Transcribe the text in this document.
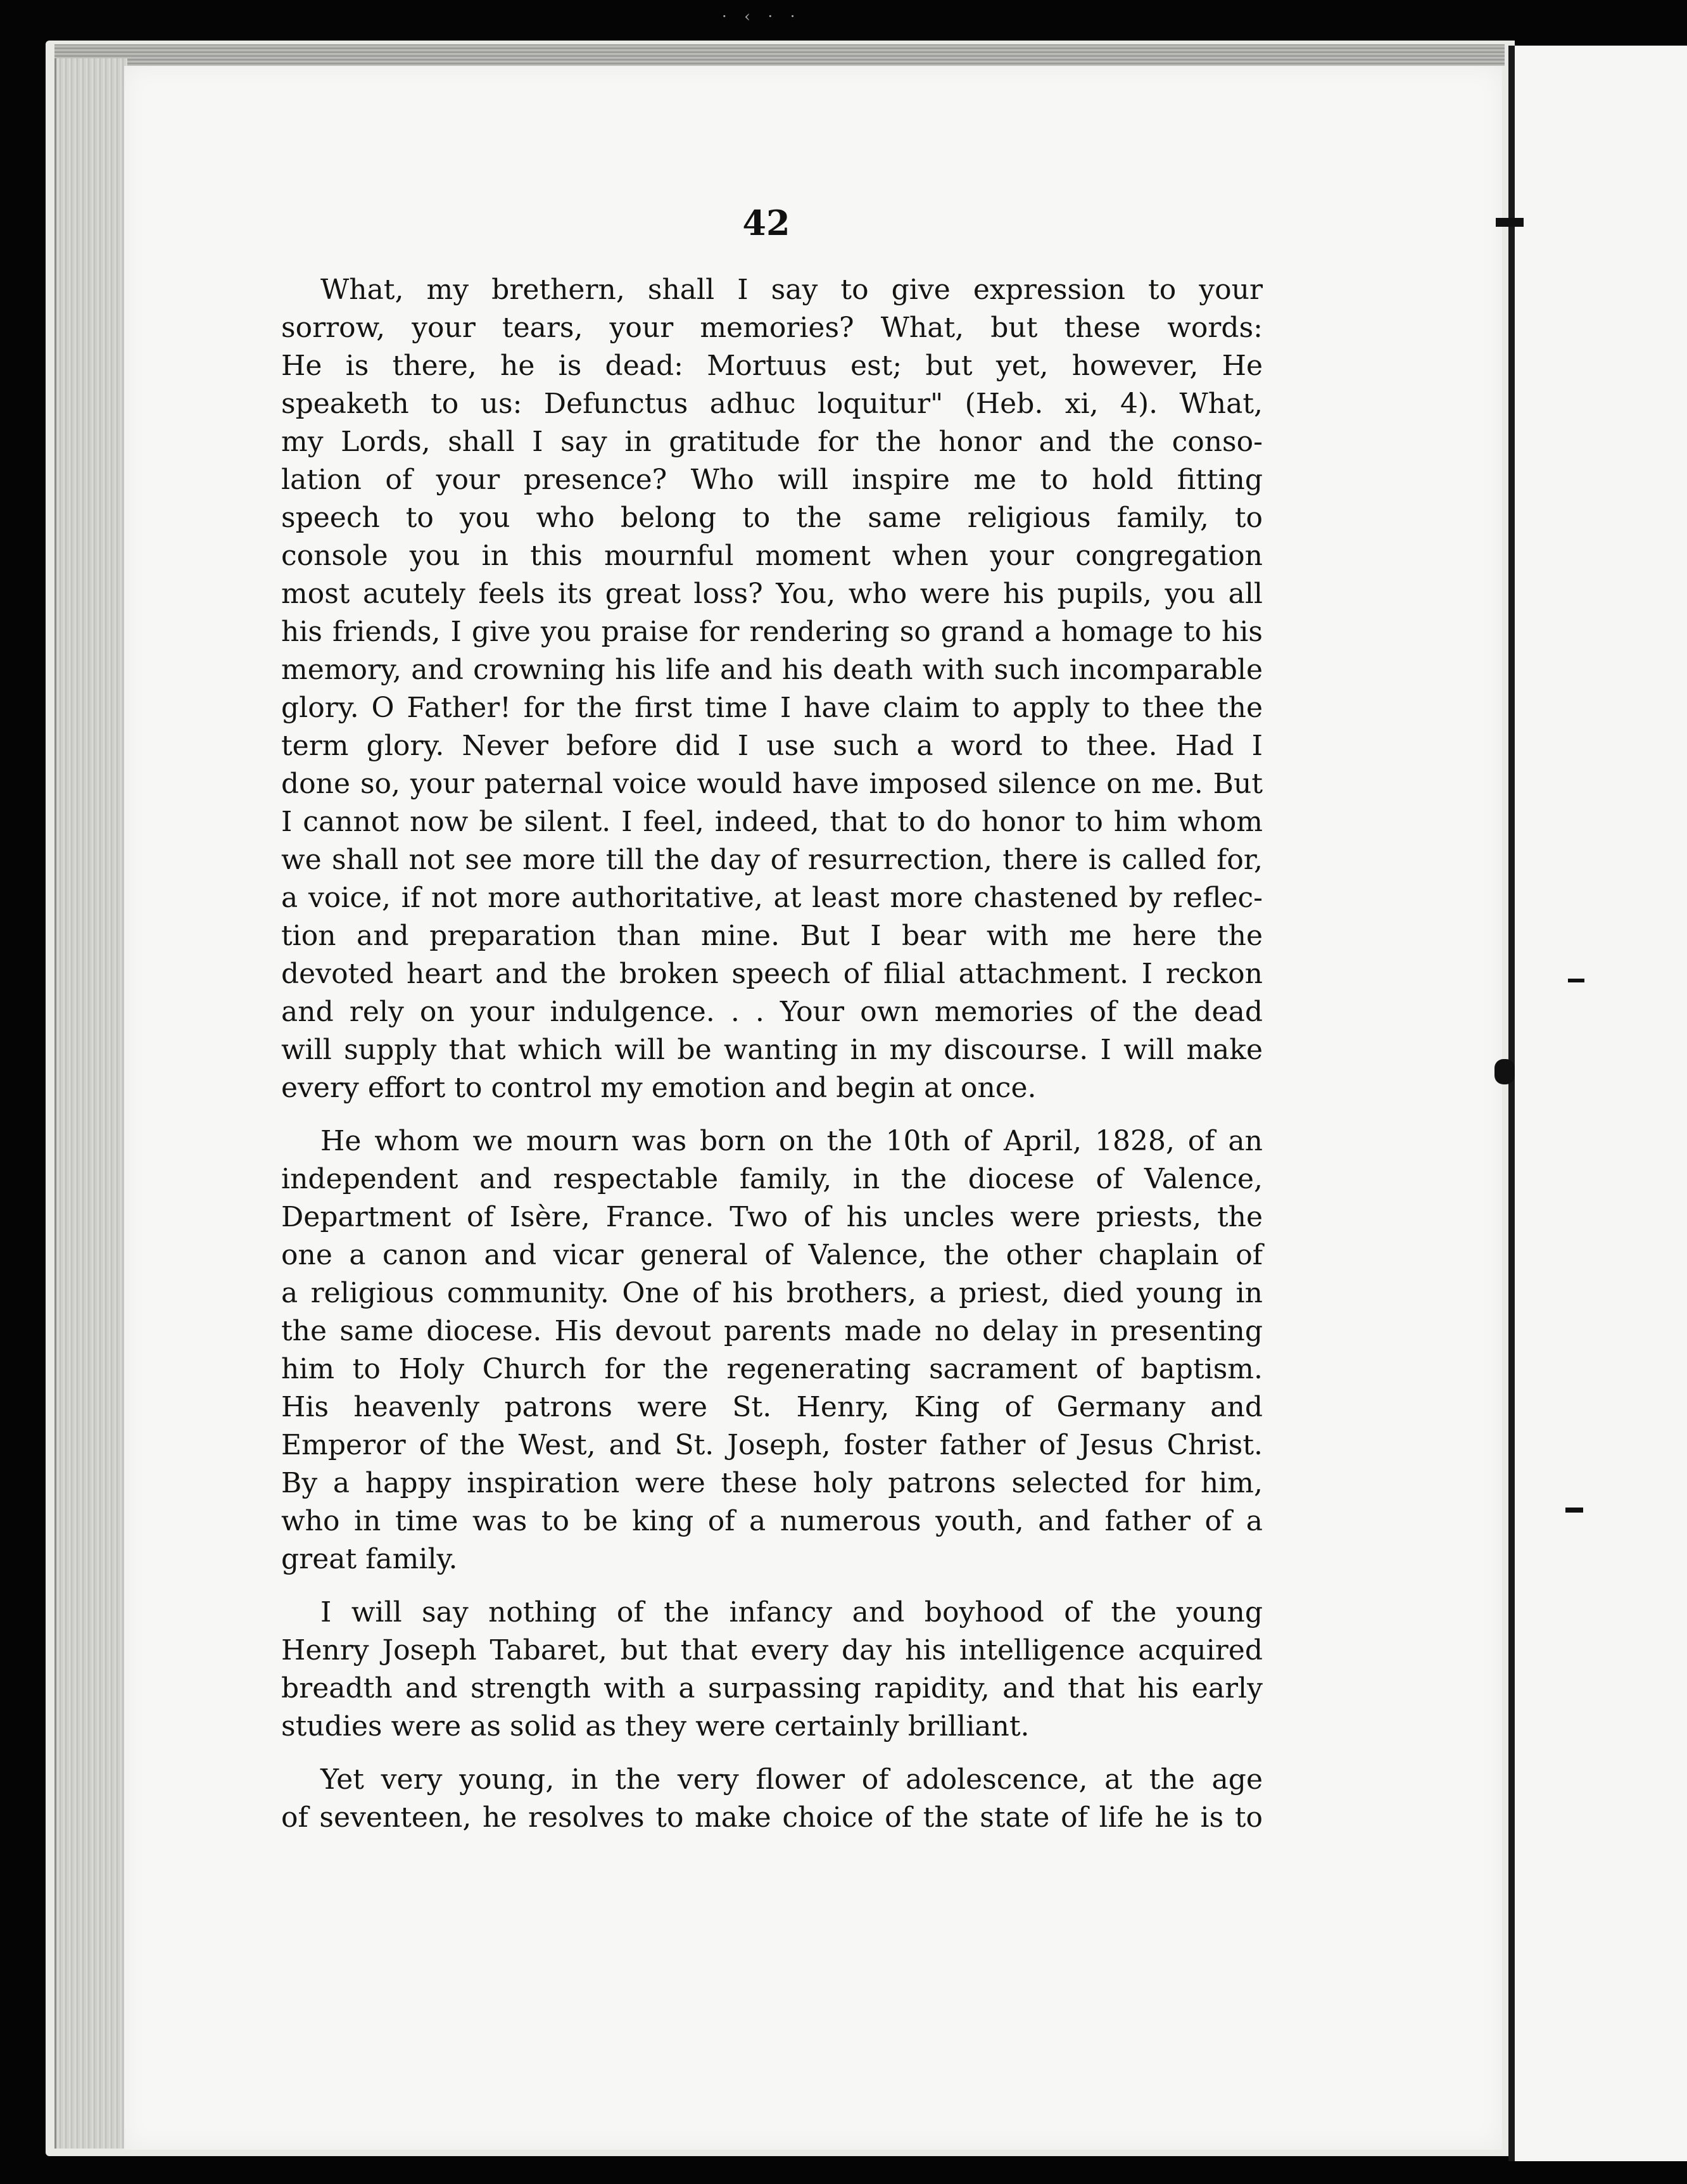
· ‹ · ·
42
What, my brethern, shall I say to give expression to your
sorrow, your tears, your memories? What, but these words:
He is there, he is dead: Mortuus est; but yet, however, He
speaketh to us: Defunctus adhuc loquitur" (Heb. xi, 4). What,
my Lords, shall I say in gratitude for the honor and the conso-
lation of your presence? Who will inspire me to hold fitting
speech to you who belong to the same religious family, to
console you in this mournful moment when your congregation
most acutely feels its great loss? You, who were his pupils, you all
his friends, I give you praise for rendering so grand a homage to his
memory, and crowning his life and his death with such incomparable
glory. O Father! for the first time I have claim to apply to thee the
term glory. Never before did I use such a word to thee. Had I
done so, your paternal voice would have imposed silence on me. But
I cannot now be silent. I feel, indeed, that to do honor to him whom
we shall not see more till the day of resurrection, there is called for,
a voice, if not more authoritative, at least more chastened by reflec-
tion and preparation than mine. But I bear with me here the
devoted heart and the broken speech of filial attachment. I reckon
and rely on your indulgence. . . Your own memories of the dead
will supply that which will be wanting in my discourse. I will make
every effort to control my emotion and begin at once.
He whom we mourn was born on the 10th of April, 1828, of an
independent and respectable family, in the diocese of Valence,
Department of Isère, France. Two of his uncles were priests, the
one a canon and vicar general of Valence, the other chaplain of
a religious community. One of his brothers, a priest, died young in
the same diocese. His devout parents made no delay in presenting
him to Holy Church for the regenerating sacrament of baptism.
His heavenly patrons were St. Henry, King of Germany and
Emperor of the West, and St. Joseph, foster father of Jesus Christ.
By a happy inspiration were these holy patrons selected for him,
who in time was to be king of a numerous youth, and father of a
great family.
I will say nothing of the infancy and boyhood of the young
Henry Joseph Tabaret, but that every day his intelligence acquired
breadth and strength with a surpassing rapidity, and that his early
studies were as solid as they were certainly brilliant.
Yet very young, in the very flower of adolescence, at the age
of seventeen, he resolves to make choice of the state of life he is to
